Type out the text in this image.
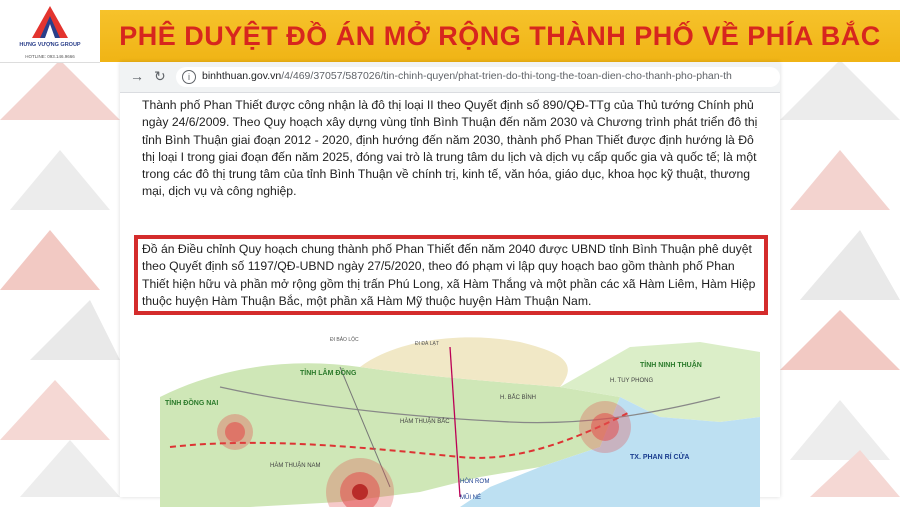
HƯNG VƯỢNG GROUP
HOTLINE: 093.146.9666
PHÊ DUYỆT ĐỒ ÁN MỞ RỘNG THÀNH PHỐ VỀ PHÍA BẮC
→ ↻	i	binhthuan.gov.vn/4/469/37057/587026/tin-chinh-quyen/phat-trien-do-thi-tong-the-toan-dien-cho-thanh-pho-phan-th
Thành phố Phan Thiết được công nhận là đô thị loại II theo Quyết định số 890/QĐ-TTg của Thủ tướng Chính phủ ngày 24/6/2009. Theo Quy hoạch xây dựng vùng tỉnh Bình Thuận đến năm 2030 và Chương trình phát triển đô thị tỉnh Bình Thuận giai đoạn 2012 - 2020, định hướng đến năm 2030, thành phố Phan Thiết được định hướng là Đô thị loại I trong giai đoạn đến năm 2025, đóng vai trò là trung tâm du lịch và dịch vụ cấp quốc gia và quốc tế; là một trong các đô thị trung tâm của tỉnh Bình Thuận về chính trị, kinh tế, văn hóa, giáo dục, khoa học kỹ thuật, thương mại, dịch vụ và công nghiệp.
Đồ án Điều chỉnh Quy hoạch chung thành phố Phan Thiết đến năm 2040 được UBND tỉnh Bình Thuận phê duyệt theo Quyết định số 1197/QĐ-UBND ngày 27/5/2020, theo đó phạm vi lập quy hoạch bao gồm thành phố Phan Thiết hiện hữu và phần mở rộng gồm thị trấn Phú Long, xã Hàm Thắng và một phần các xã Hàm Liêm, Hàm Hiệp thuộc huyện Hàm Thuận Bắc, một phần xã Hàm Mỹ thuộc huyện Hàm Thuận Nam.
TỈNH LÂM ĐỒNG
TỈNH ĐỒNG NAI
TỈNH NINH THUẬN
H. BẮC BÌNH
H. TUY PHONG
HÀM THUẬN BẮC
HÀM THUẬN NAM
TX. PHAN RÍ CỬA
HÒN RƠM
MŨI NÉ
ĐI ĐÀ LẠT
ĐI BẢO LỘC
